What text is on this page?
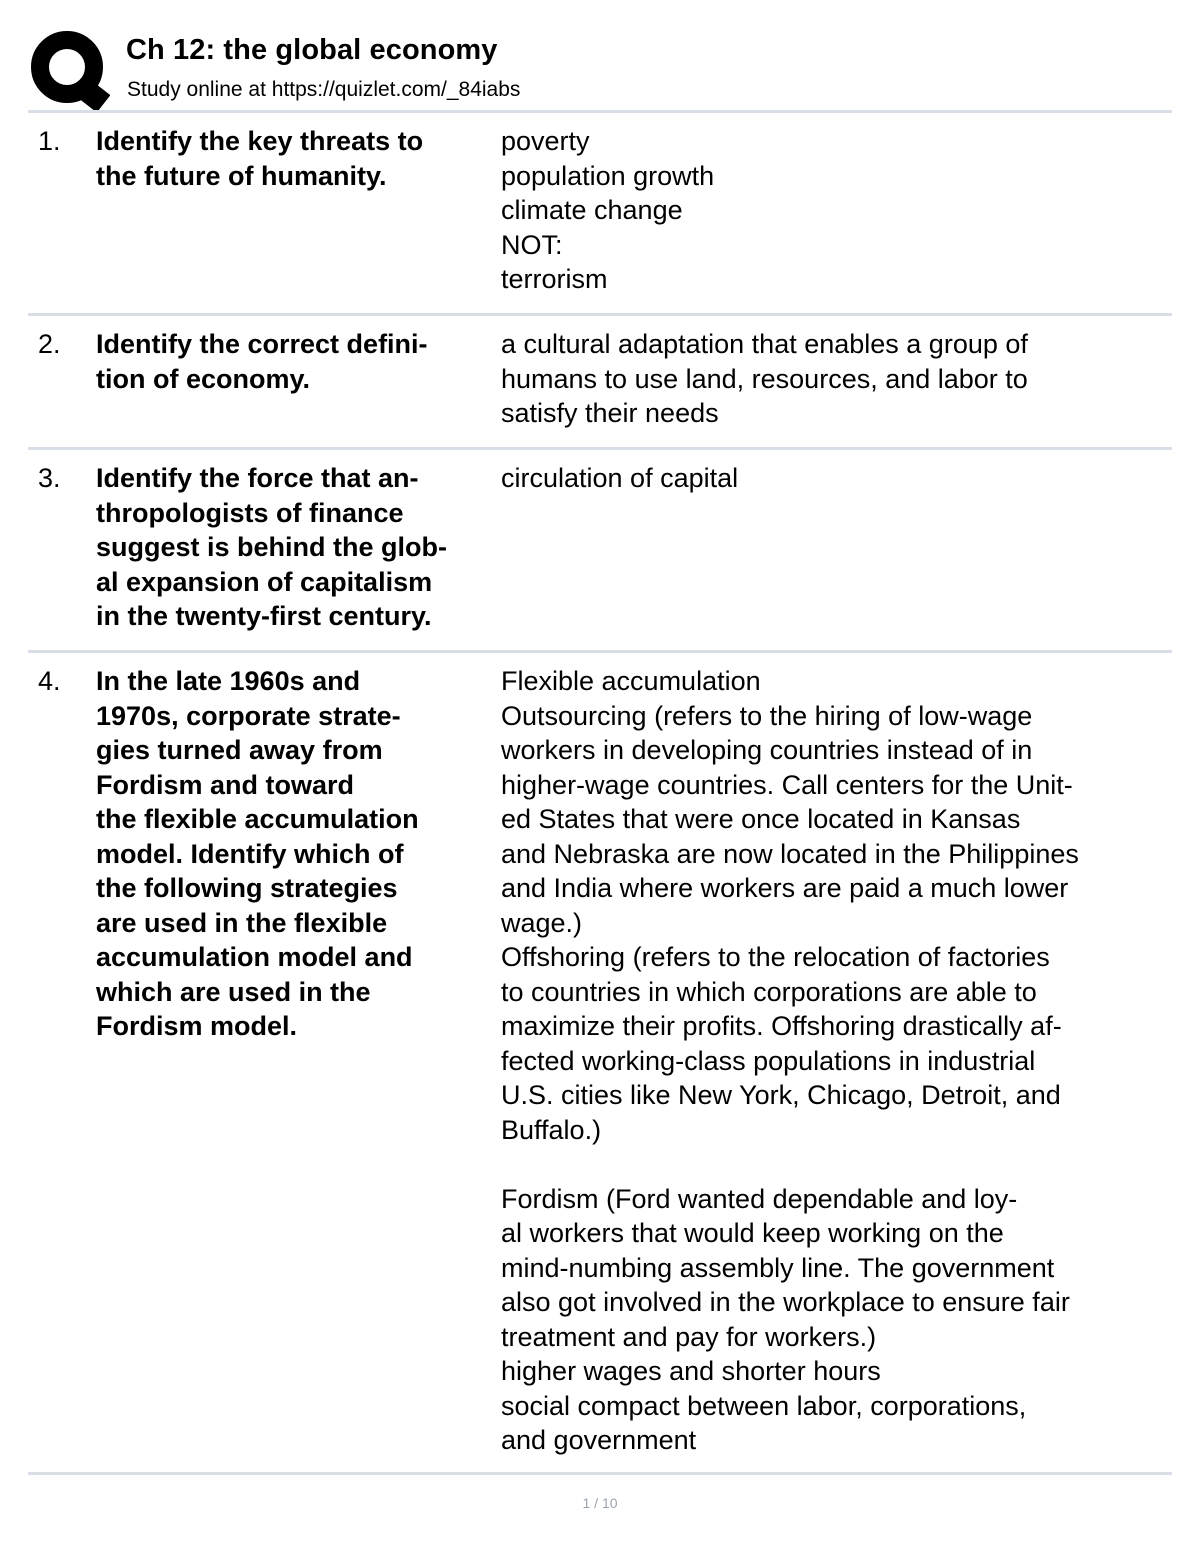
Ch 12: the global economy
Study online at https://quizlet.com/_84iabs
1. Identify the key threats to
the future of humanity.
poverty
population growth
climate change
NOT:
terrorism
2. Identify the correct defini-
tion of economy.
a cultural adaptation that enables a group of
humans to use land, resources, and labor to
satisfy their needs
3. Identify the force that an-
thropologists of finance
suggest is behind the glob-
al expansion of capitalism
in the twenty-first century.
circulation of capital
4. In the late 1960s and
1970s, corporate strate-
gies turned away from
Fordism and toward
the flexible accumulation
model. Identify which of
the following strategies
are used in the flexible
accumulation model and
which are used in the
Fordism model.
Flexible accumulation
Outsourcing (refers to the hiring of low-wage
workers in developing countries instead of in
higher-wage countries. Call centers for the Unit-
ed States that were once located in Kansas
and Nebraska are now located in the Philippines
and India where workers are paid a much lower
wage.)
Offshoring (refers to the relocation of factories
to countries in which corporations are able to
maximize their profits. Offshoring drastically af-
fected working-class populations in industrial
U.S. cities like New York, Chicago, Detroit, and
Buffalo.)
Fordism (Ford wanted dependable and loy-
al workers that would keep working on the
mind-numbing assembly line. The government
also got involved in the workplace to ensure fair
treatment and pay for workers.)
higher wages and shorter hours
social compact between labor, corporations,
and government
1 / 10
